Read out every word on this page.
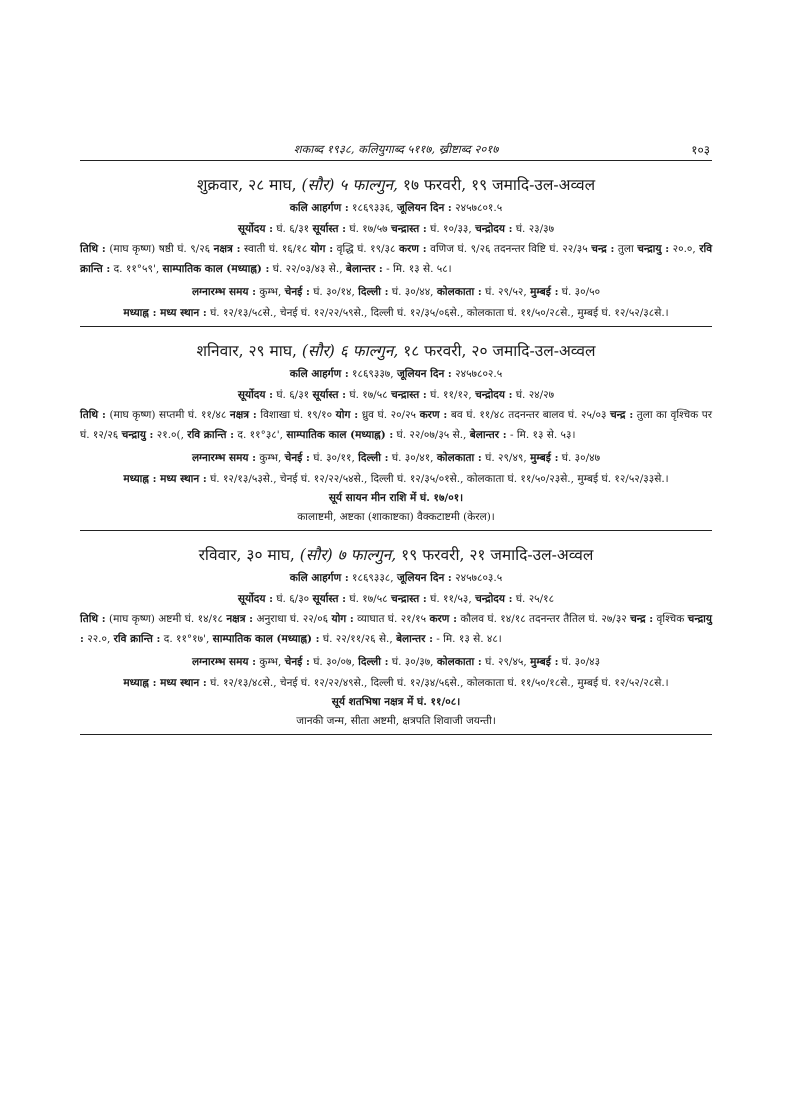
शकाब्द १९३८, कलियुगाब्द ५११७, ख्रीष्टाब्द २०१७	१०३
शुक्रवार, २८ माघ, (सौर) ५ फाल्गुन, १७ फरवरी, १९ जमादि-उल-अव्वल
कलि आहर्गण : १८६९३३६, जूलियन दिन : २४५७८०१.५
सूर्योदय : घं. ६/३१ सूर्यास्त : घं. १७/५७ चन्द्रास्त : घं. १०/३३, चन्द्रोदय : घं. २३/३७
तिथि : (माघ कृष्ण) षष्ठी घं. ९/२६ नक्षत्र : स्वाती घं. १६/१८ योग : वृद्धि घं. १९/३८ करण : वणिज घं. ९/२६ तदनन्तर विष्टि घं. २२/३५ चन्द्र : तुला चन्द्रायु : २०.०, रवि क्रान्ति : द. ११°५९', साम्पातिक काल (मध्याह्न) : घं. २२/०३/४३ से., बेलान्तर : - मि. १३ से. ५८।
लग्नारम्भ समय : कुम्भ, चेनई : घं. ३०/१४, दिल्ली : घं. ३०/४४, कोलकाता : घं. २९/५२, मुम्बई : घं. ३०/५०
मध्याह्न : मध्य स्थान : घं. १२/१३/५८से., चेनई घं. १२/२२/५९से., दिल्ली घं. १२/३५/०६से., कोलकाता घं. ११/५०/२८से., मुम्बई घं. १२/५२/३८से.।
शनिवार, २९ माघ, (सौर) ६ फाल्गुन, १८ फरवरी, २० जमादि-उल-अव्वल
कलि आहर्गण : १८६९३३७, जूलियन दिन : २४५७८०२.५
सूर्योदय : घं. ६/३१ सूर्यास्त : घं. १७/५८ चन्द्रास्त : घं. ११/१२, चन्द्रोदय : घं. २४/२७
तिथि : (माघ कृष्ण) सप्तमी घं. ११/४८ नक्षत्र : विशाखा घं. १९/१० योग : ध्रुव घं. २०/२५ करण : बव घं. ११/४८ तदनन्तर बालव घं. २५/०३ चन्द्र : तुला का वृश्चिक पर घं. १२/२६ चन्द्रायु : २१.०(, रवि क्रान्ति : द. ११°३८', साम्पातिक काल (मध्याह्न) : घं. २२/०७/३५ से., बेलान्तर : - मि. १३ से. ५३।
लग्नारम्भ समय : कुम्भ, चेनई : घं. ३०/११, दिल्ली : घं. ३०/४१, कोलकाता : घं. २९/४९, मुम्बई : घं. ३०/४७
मध्याह्न : मध्य स्थान : घं. १२/१३/५३से., चेनई घं. १२/२२/५४से., दिल्ली घं. १२/३५/०१से., कोलकाता घं. ११/५०/२३से., मुम्बई घं. १२/५२/३३से.।
सूर्य सायन मीन राशि में घं. १७/०१।
कालाष्टमी, अष्टका (शाकाष्टका) वैक्कटाष्टमी (केरल)।
रविवार, ३० माघ, (सौर) ७ फाल्गुन, १९ फरवरी, २१ जमादि-उल-अव्वल
कलि आहर्गण : १८६९३३८, जूलियन दिन : २४५७८०३.५
सूर्योदय : घं. ६/३० सूर्यास्त : घं. १७/५८ चन्द्रास्त : घं. ११/५३, चन्द्रोदय : घं. २५/१८
तिथि : (माघ कृष्ण) अष्टमी घं. १४/१८ नक्षत्र : अनुराधा घं. २२/०६ योग : व्याघात घं. २१/१५ करण : कौलव घं. १४/१८ तदनन्तर तैतिल घं. २७/३२ चन्द्र : वृश्चिक चन्द्रायु : २२.०, रवि क्रान्ति : द. ११°१७', साम्पातिक काल (मध्याह्न) : घं. २२/११/२६ से., बेलान्तर : - मि. १३ से. ४८।
लग्नारम्भ समय : कुम्भ, चेनई : घं. ३०/०७, दिल्ली : घं. ३०/३७, कोलकाता : घं. २९/४५, मुम्बई : घं. ३०/४३
मध्याह्न : मध्य स्थान : घं. १२/१३/४८से., चेनई घं. १२/२२/४९से., दिल्ली घं. १२/३४/५६से., कोलकाता घं. ११/५०/१८से., मुम्बई घं. १२/५२/२८से.।
सूर्य शतभिषा नक्षत्र में घं. ११/०८।
जानकी जन्म, सीता अष्टमी, क्षत्रपति शिवाजी जयन्ती।
